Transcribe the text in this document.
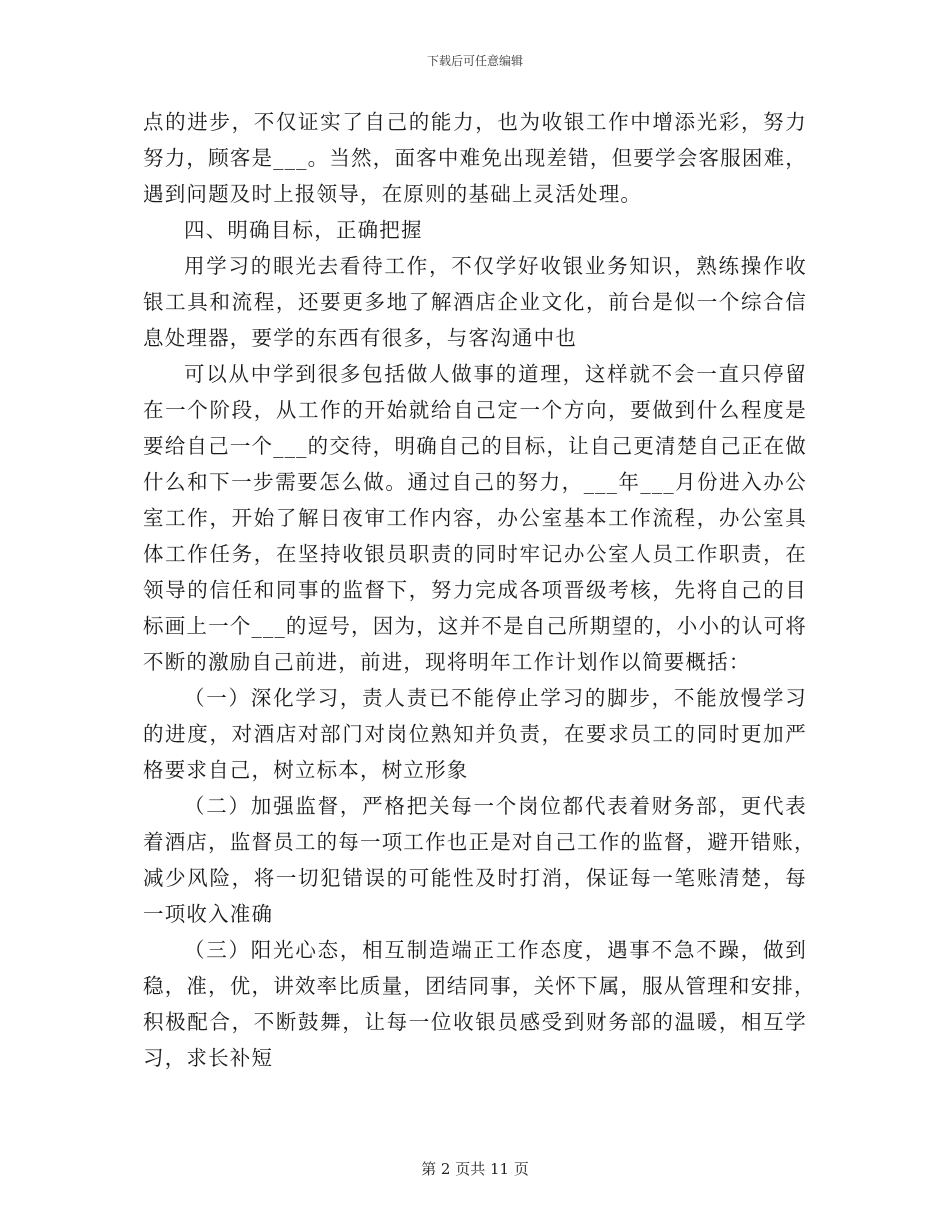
下载后可任意编辑

点的进步，不仅证实了自己的能力，也为收银工作中增添光彩，努力
努力，顾客是___。当然，面客中难免出现差错，但要学会客服困难，
遇到问题及时上报领导，在原则的基础上灵活处理。

四、明确目标，正确把握

用学习的眼光去看待工作，不仅学好收银业务知识，熟练操作收
银工具和流程，还要更多地了解酒店企业文化，前台是似一个综合信
息处理器，要学的东西有很多，与客沟通中也

可以从中学到很多包括做人做事的道理，这样就不会一直只停留
在一个阶段，从工作的开始就给自己定一个方向，要做到什么程度是
要给自己一个___的交待，明确自己的目标，让自己更清楚自己正在做
什么和下一步需要怎么做。通过自己的努力，___年___月份进入办公
室工作，开始了解日夜审工作内容，办公室基本工作流程，办公室具
体工作任务，在坚持收银员职责的同时牢记办公室人员工作职责，在
领导的信任和同事的监督下，努力完成各项晋级考核，先将自己的目
标画上一个___的逗号，因为，这并不是自己所期望的，小小的认可将
不断的激励自己前进，前进，现将明年工作计划作以简要概括：

（一）深化学习，责人责已不能停止学习的脚步，不能放慢学习
的进度，对酒店对部门对岗位熟知并负责，在要求员工的同时更加严
格要求自己，树立标本，树立形象

（二）加强监督，严格把关每一个岗位都代表着财务部，更代表
着酒店，监督员工的每一项工作也正是对自己工作的监督，避开错账，
减少风险，将一切犯错误的可能性及时打消，保证每一笔账清楚，每
一项收入准确

（三）阳光心态，相互制造端正工作态度，遇事不急不躁，做到
稳，准，优，讲效率比质量，团结同事，关怀下属，服从管理和安排，
积极配合，不断鼓舞，让每一位收银员感受到财务部的温暖，相互学
习，求长补短

第 2 页共 11 页
